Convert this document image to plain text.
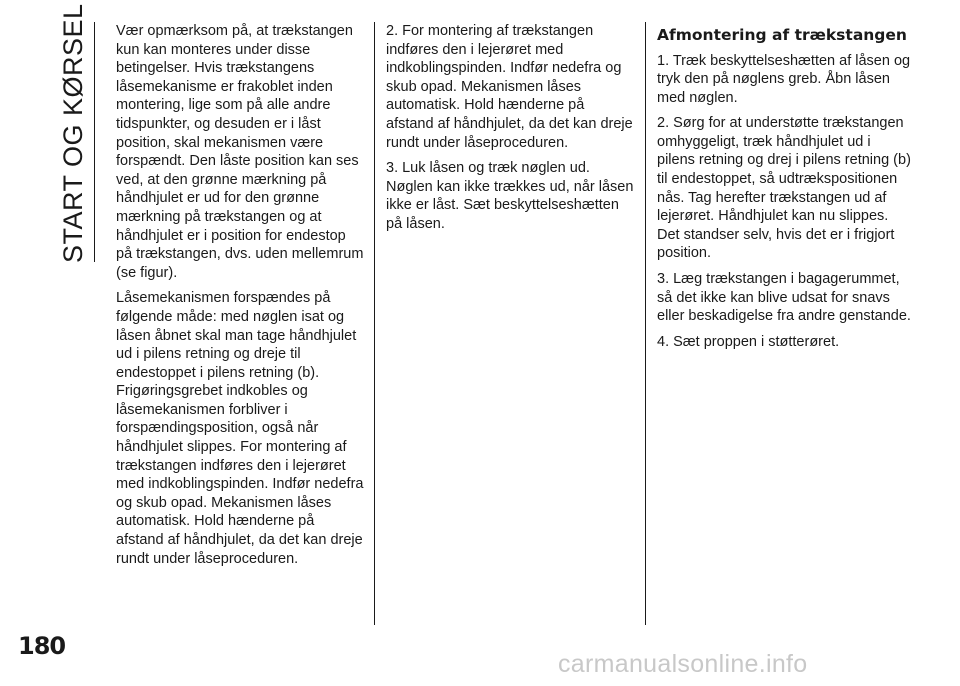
START OG KØRSEL Vær opmærksom på, at trækstangen kun kan monteres under disse betingelser. Hvis trækstangens låsemekanisme er frakoblet inden montering, lige som på alle andre tidspunkter, og desuden er i låst position, skal mekanismen være forspændt. Den låste position kan ses ved, at den grønne mærkning på håndhjulet er ud for den grønne mærkning på trækstangen og at håndhjulet er i position for endestop på trækstangen, dvs. uden mellemrum (se figur).

Låsemekanismen forspændes på følgende måde: med nøglen isat og låsen åbnet skal man tage håndhjulet ud i pilens retning og dreje til endestoppet i pilens retning (b). Frigøringsgrebet indkobles og låsemekanismen forbliver i forspændingsposition, også når håndhjulet slippes. For montering af trækstangen indføres den i lejerøret med indkoblingspinden. Indfør nedefra og skub opad. Mekanismen låses automatisk. Hold hænderne på afstand af håndhjulet, da det kan dreje rundt under låseproceduren.

2. For montering af trækstangen indføres den i lejerøret med indkoblingspinden. Indfør nedefra og skub opad. Mekanismen låses automatisk. Hold hænderne på afstand af håndhjulet, da det kan dreje rundt under låseproceduren.

3. Luk låsen og træk nøglen ud. Nøglen kan ikke trækkes ud, når låsen ikke er låst. Sæt beskyttelseshætten på låsen.

Afmontering af trækstangen

1. Træk beskyttelseshætten af låsen og tryk den på nøglens greb. Åbn låsen med nøglen.

2. Sørg for at understøtte trækstangen omhyggeligt, træk håndhjulet ud i pilens retning og drej i pilens retning (b) til endestoppet, så udtrækspositionen nås. Tag herefter trækstangen ud af lejerøret. Håndhjulet kan nu slippes. Det standser selv, hvis det er i frigjort position.

3. Læg trækstangen i bagagerummet, så det ikke kan blive udsat for snavs eller beskadigelse fra andre genstande.

4. Sæt proppen i støtterøret.

180
carmanualsonline.info
